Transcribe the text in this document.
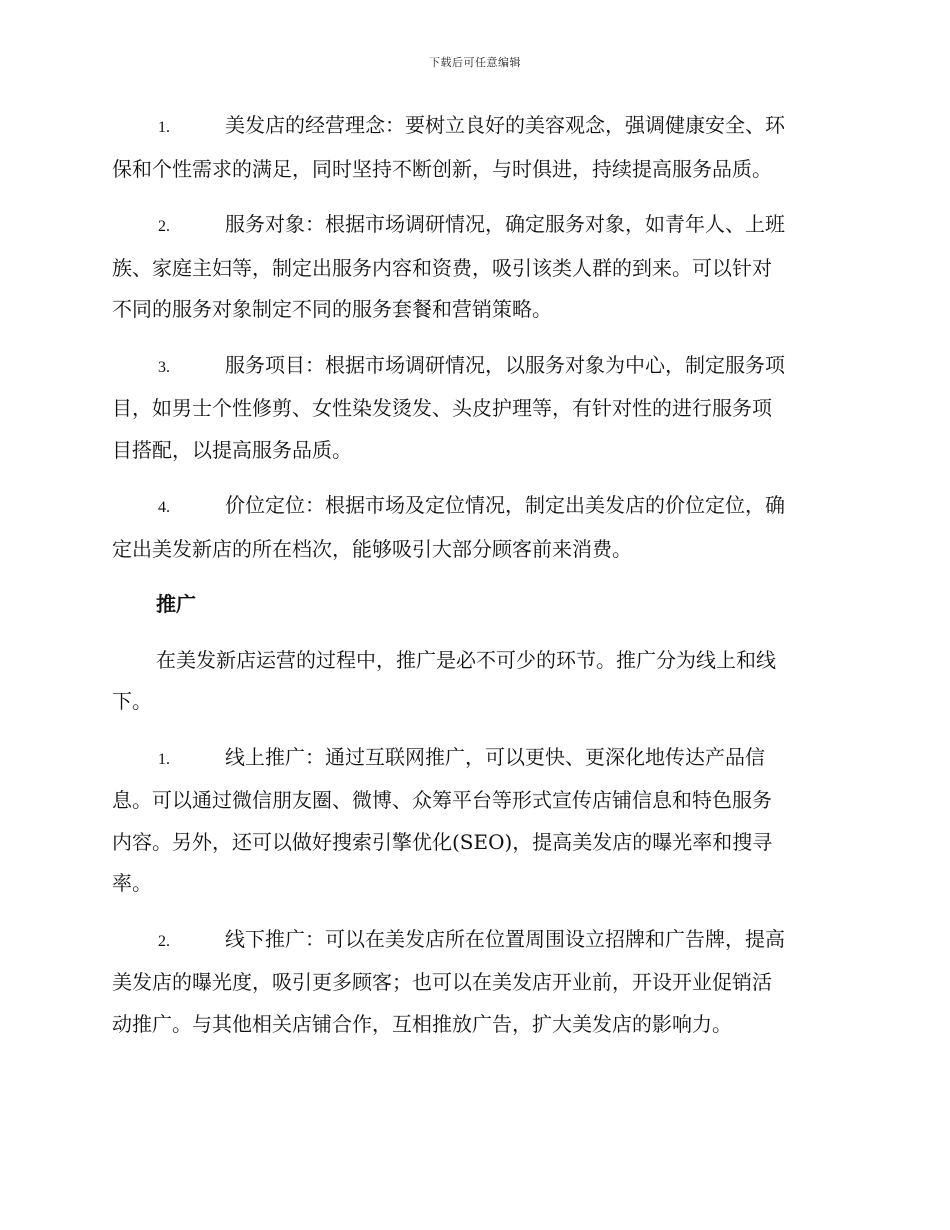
下载后可任意编辑
1.	美发店的经营理念：要树立良好的美容观念，强调健康安全、环
保和个性需求的满足，同时坚持不断创新，与时俱进，持续提高服务品质。
2.	服务对象：根据市场调研情况，确定服务对象，如青年人、上班
族、家庭主妇等，制定出服务内容和资费，吸引该类人群的到来。可以针对
不同的服务对象制定不同的服务套餐和营销策略。
3.	服务项目：根据市场调研情况，以服务对象为中心，制定服务项
目，如男士个性修剪、女性染发烫发、头皮护理等，有针对性的进行服务项
目搭配，以提高服务品质。
4.	价位定位：根据市场及定位情况，制定出美发店的价位定位，确
定出美发新店的所在档次，能够吸引大部分顾客前来消费。
推广
在美发新店运营的过程中，推广是必不可少的环节。推广分为线上和线
下。
1.	线上推广：通过互联网推广，可以更快、更深化地传达产品信
息。可以通过微信朋友圈、微博、众筹平台等形式宣传店铺信息和特色服务
内容。另外，还可以做好搜索引擎优化(SEO)，提高美发店的曝光率和搜寻
率。
2.	线下推广：可以在美发店所在位置周围设立招牌和广告牌，提高
美发店的曝光度，吸引更多顾客；也可以在美发店开业前，开设开业促销活
动推广。与其他相关店铺合作，互相推放广告，扩大美发店的影响力。
